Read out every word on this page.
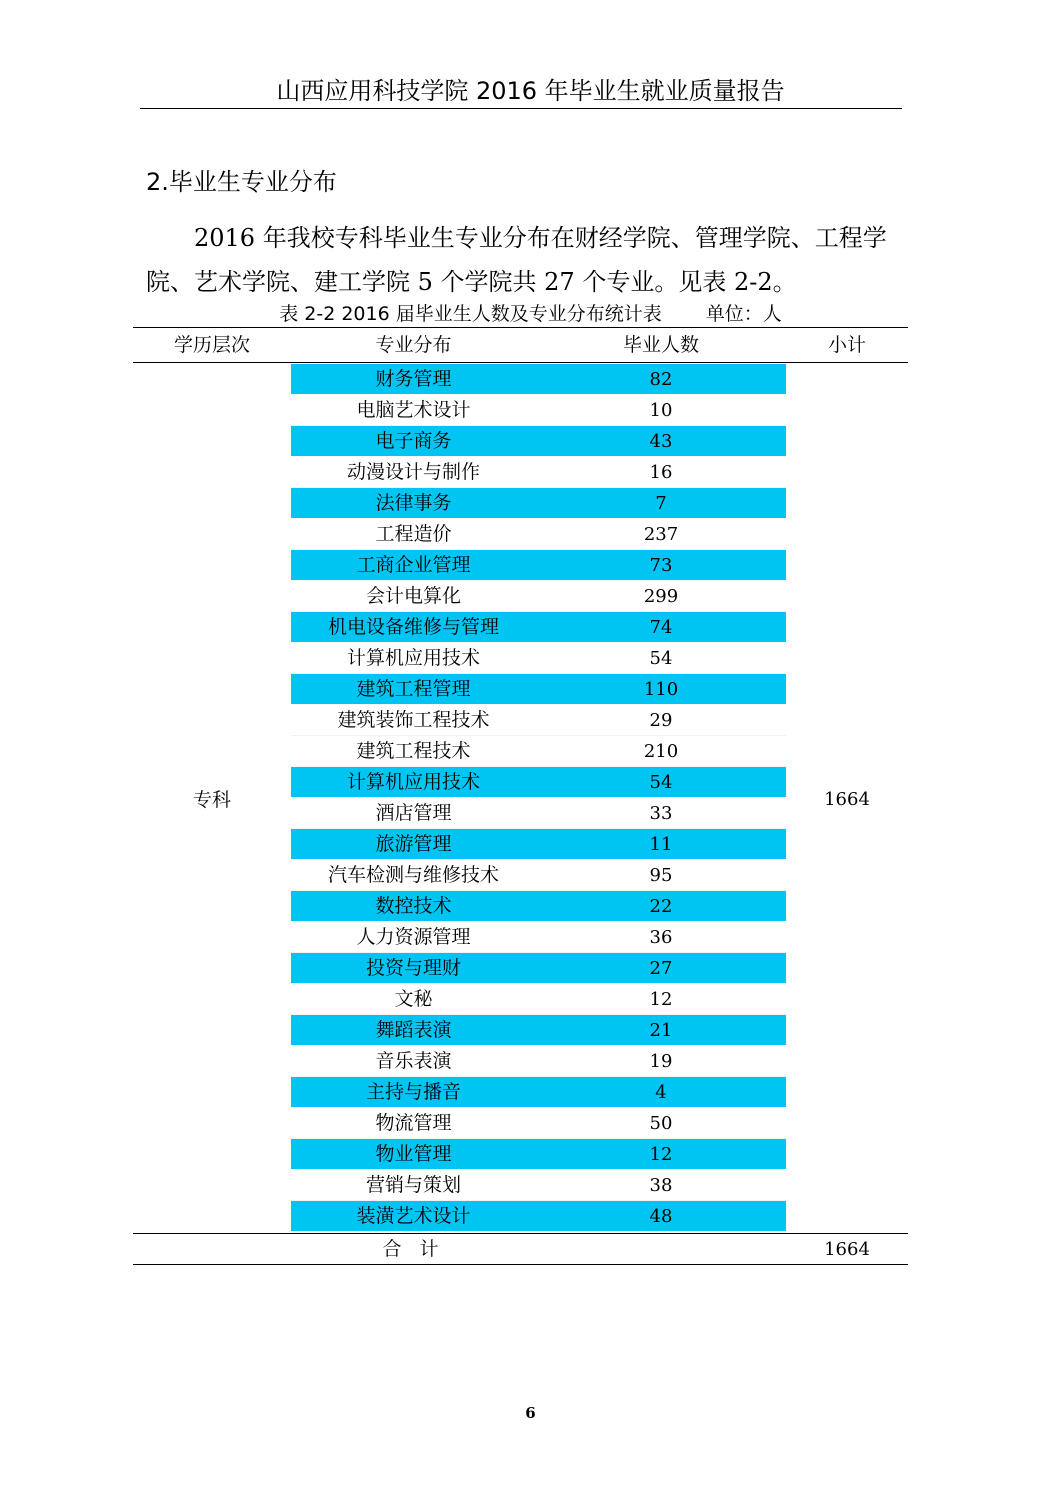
山西应用科技学院 2016 年毕业生就业质量报告
2.毕业生专业分布
2016 年我校专科毕业生专业分布在财经学院、管理学院、工程学
院、艺术学院、建工学院 5 个学院共 27 个专业。见表 2-2。
表 2-2 2016 届毕业生人数及专业分布统计表 单位：人
学历层次	专业分布	毕业人数	小计
专科	1664
财务管理	82
电脑艺术设计	10
电子商务	43
动漫设计与制作	16
法律事务	7
工程造价	237
工商企业管理	73
会计电算化	299
机电设备维修与管理	74
计算机应用技术	54
建筑工程管理	110
建筑装饰工程技术	29
建筑工程技术	210
计算机应用技术	54
酒店管理	33
旅游管理	11
汽车检测与维修技术	95
数控技术	22
人力资源管理	36
投资与理财	27
文秘	12
舞蹈表演	21
音乐表演	19
主持与播音	4
物流管理	50
物业管理	12
营销与策划	38
装潢艺术设计	48
合 计	1664
6
